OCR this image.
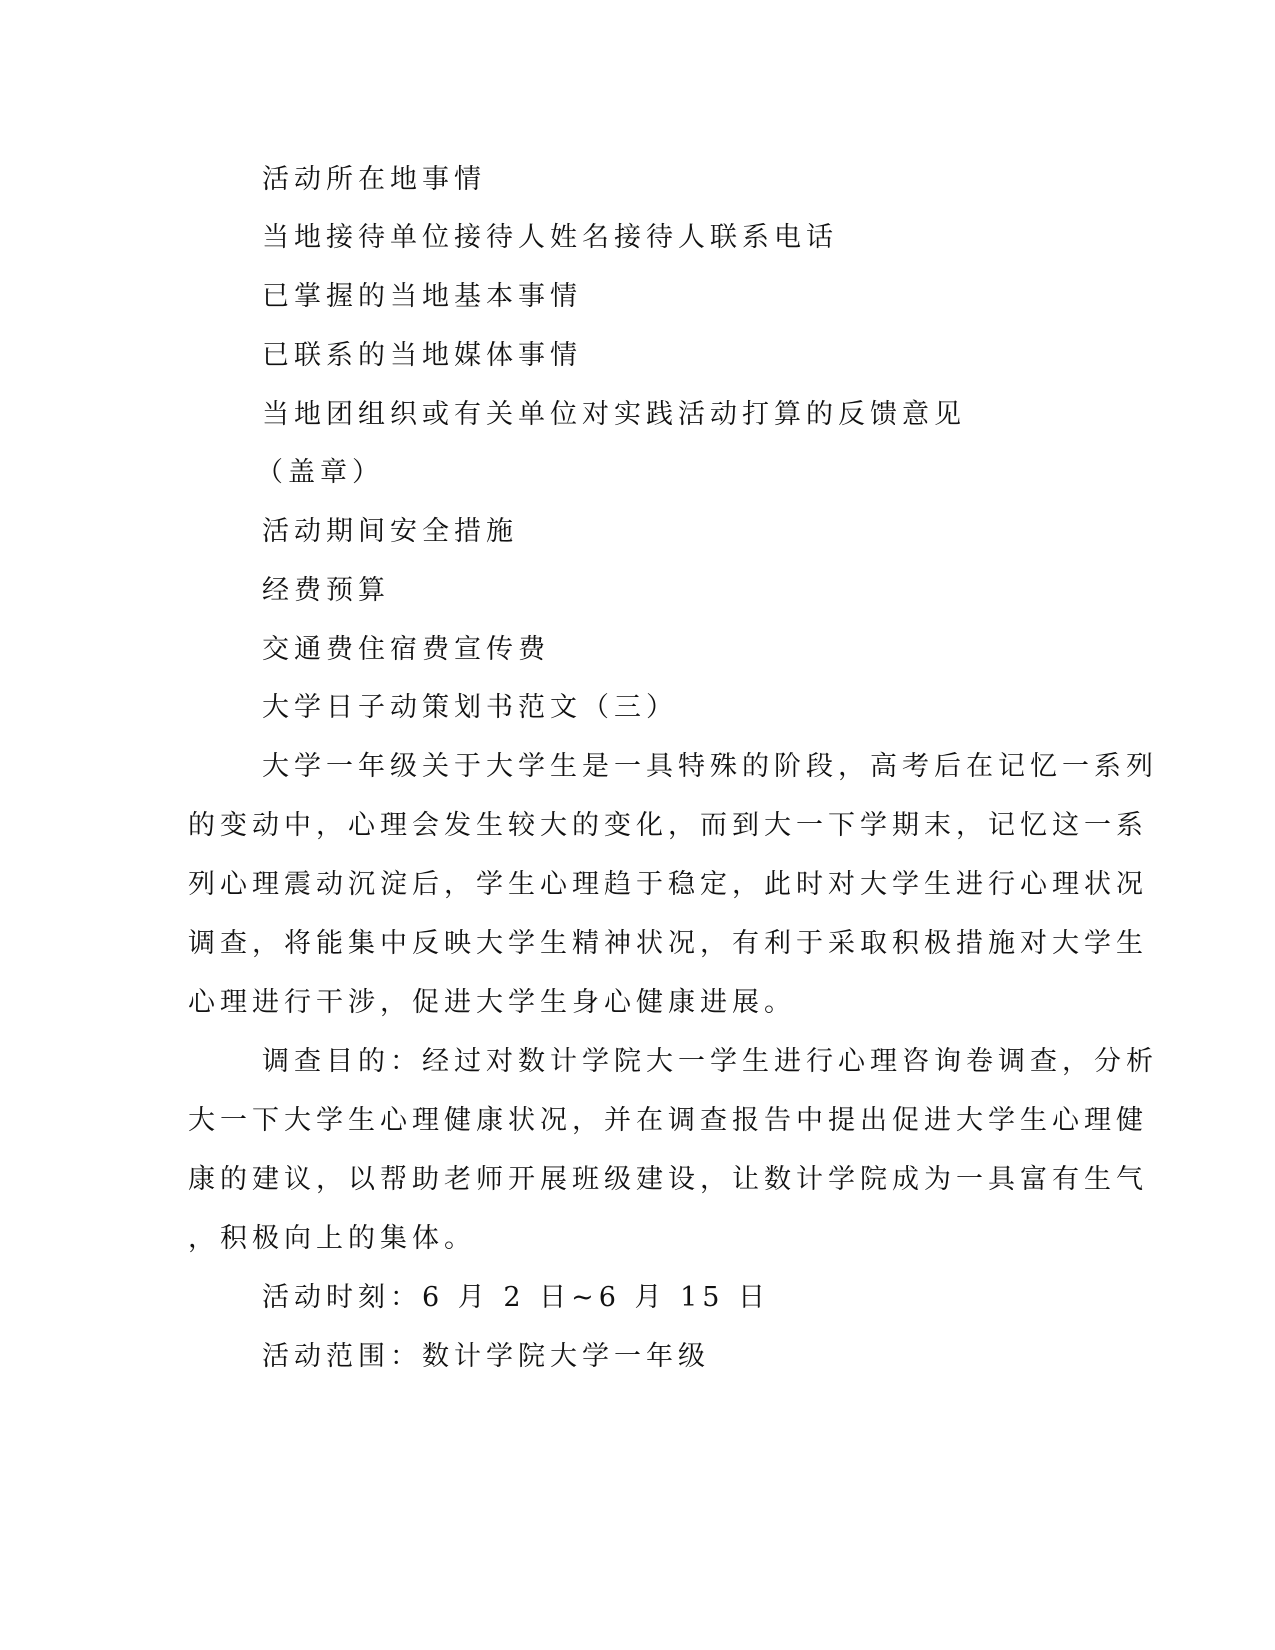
活动所在地事情
当地接待单位接待人姓名接待人联系电话
已掌握的当地基本事情
已联系的当地媒体事情
当地团组织或有关单位对实践活动打算的反馈意见
（盖章）
活动期间安全措施
经费预算
交通费住宿费宣传费
大学日子动策划书范文（三）
大学一年级关于大学生是一具特殊的阶段，高考后在记忆一系列
的变动中，心理会发生较大的变化，而到大一下学期末，记忆这一系
列心理震动沉淀后，学生心理趋于稳定，此时对大学生进行心理状况
调查，将能集中反映大学生精神状况，有利于采取积极措施对大学生
心理进行干涉，促进大学生身心健康进展。
调查目的：经过对数计学院大一学生进行心理咨询卷调查，分析
大一下大学生心理健康状况，并在调查报告中提出促进大学生心理健
康的建议，以帮助老师开展班级建设，让数计学院成为一具富有生气
，积极向上的集体。
活动时刻：6 月 2 日~6 月 15 日
活动范围：数计学院大学一年级
